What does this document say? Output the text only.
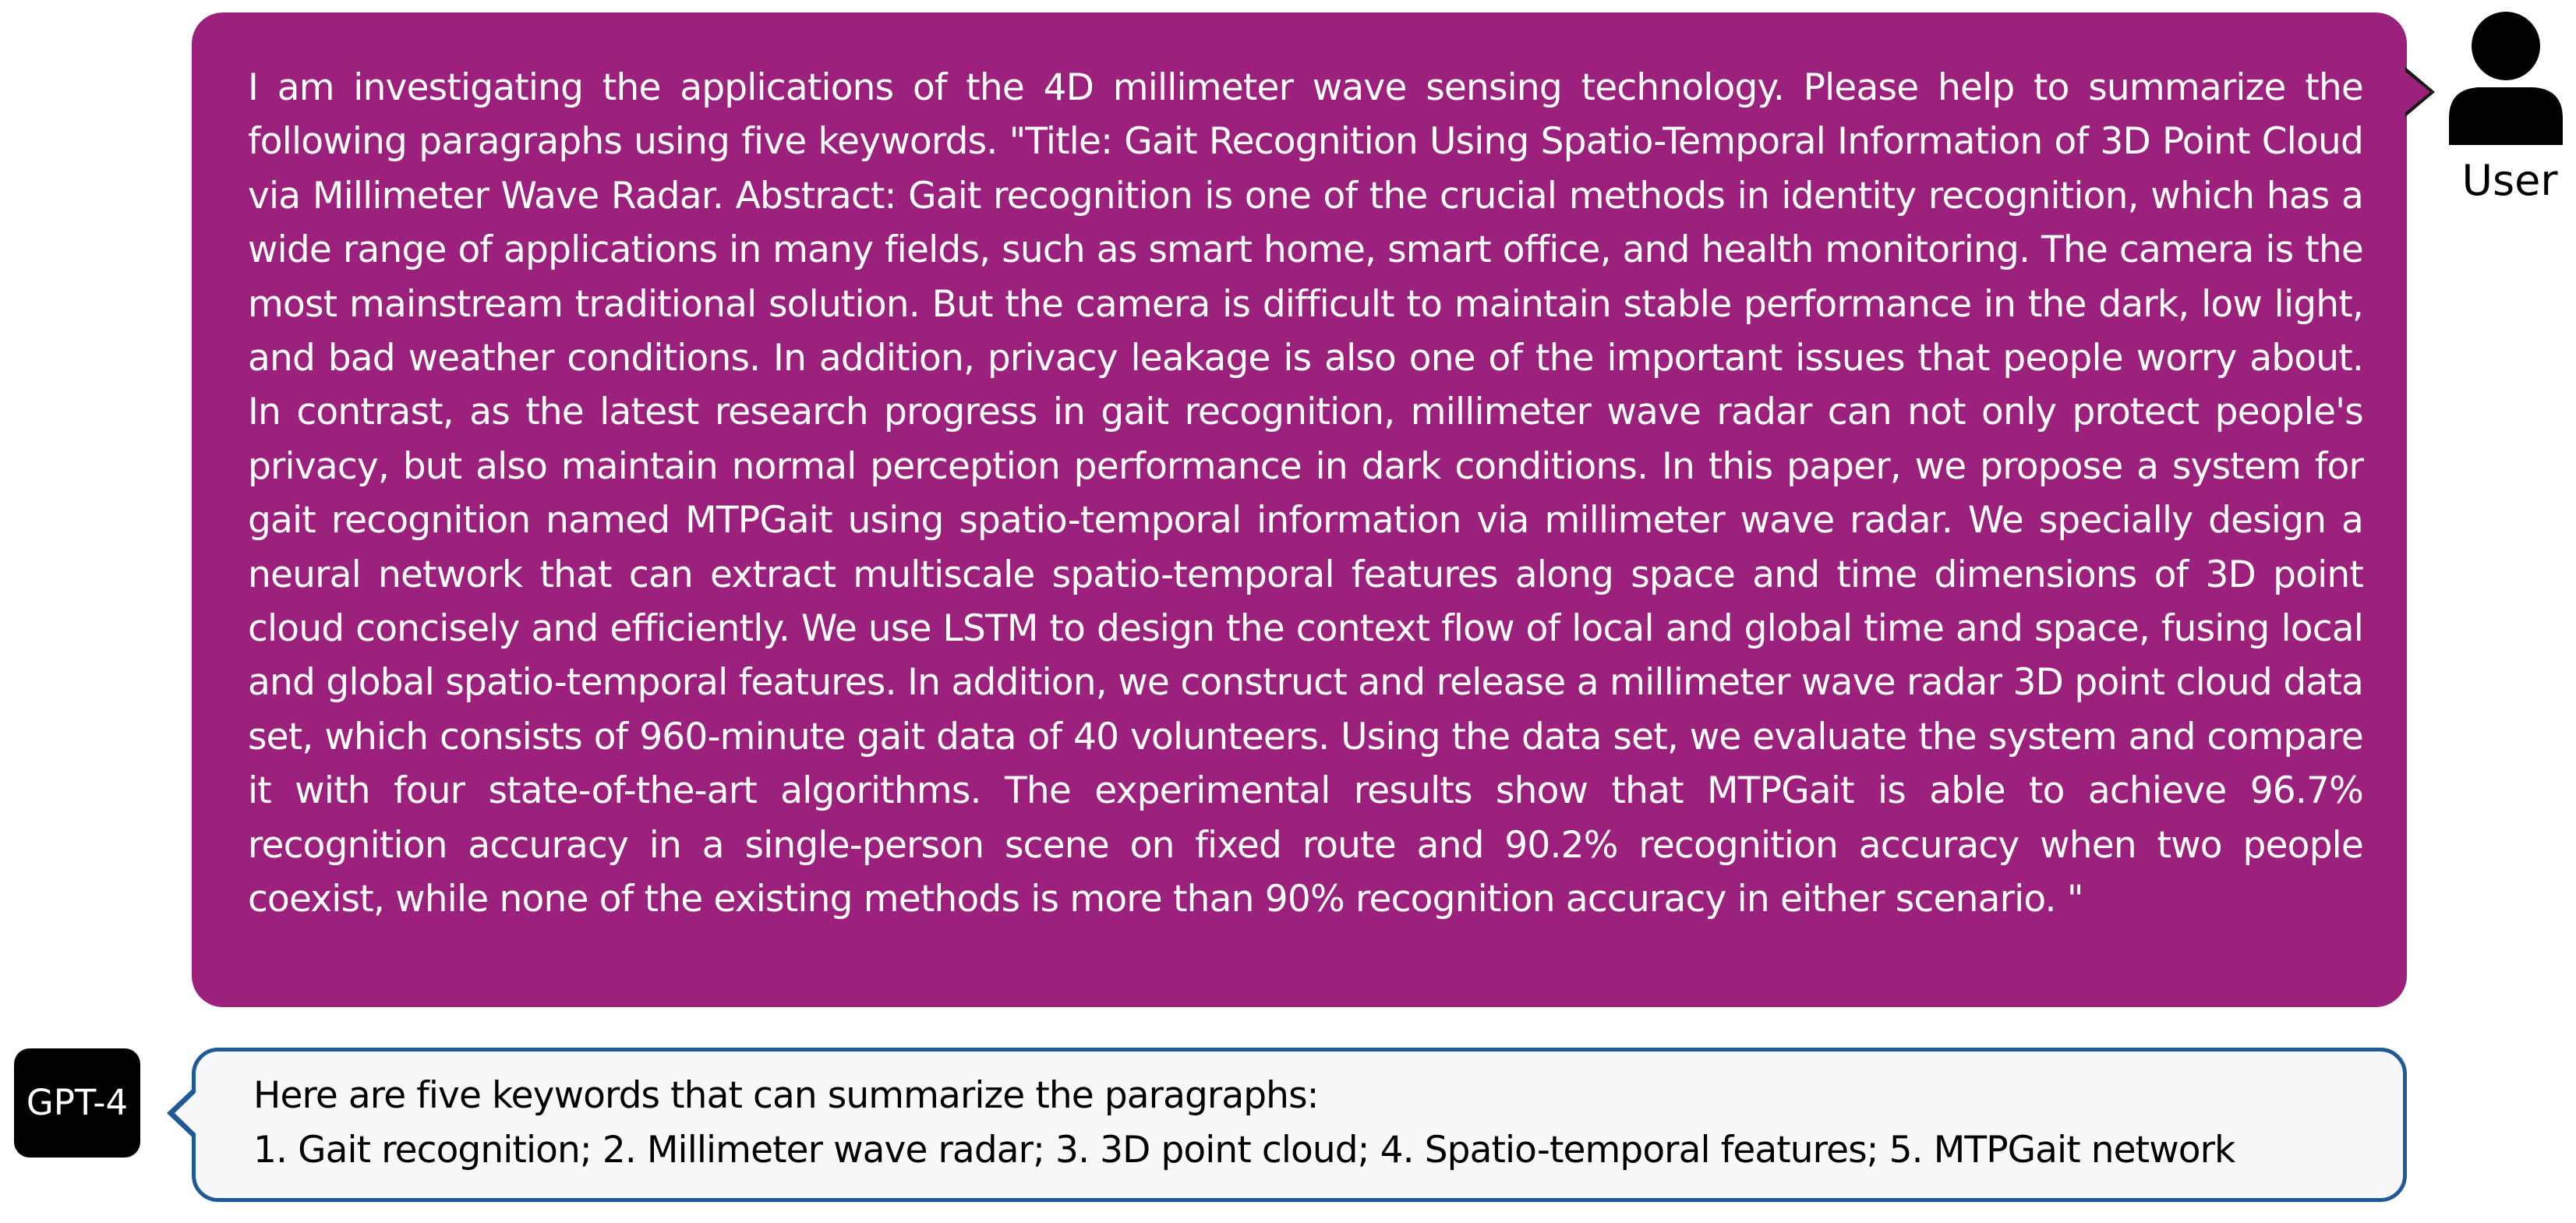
I am investigating the applications of the 4D millimeter wave sensing technology. Please help to summarize the following paragraphs using five keywords. "Title: Gait Recognition Using Spatio-Temporal Information of 3D Point Cloud via Millimeter Wave Radar. Abstract: Gait recognition is one of the crucial methods in identity recognition, which has a wide range of applications in many fields, such as smart home, smart office, and health monitoring. The camera is the most mainstream traditional solution. But the camera is difficult to maintain stable performance in the dark, low light, and bad weather conditions. In addition, privacy leakage is also one of the important issues that people worry about. In contrast, as the latest research progress in gait recognition, millimeter wave radar can not only protect people's privacy, but also maintain normal perception performance in dark conditions. In this paper, we propose a system for gait recognition named MTPGait using spatio-temporal information via millimeter wave radar. We specially design a neural network that can extract multiscale spatio-temporal features along space and time dimensions of 3D point cloud concisely and efficiently. We use LSTM to design the context flow of local and global time and space, fusing local and global spatio-temporal features. In addition, we construct and release a millimeter wave radar 3D point cloud data set, which consists of 960-minute gait data of 40 volunteers. Using the data set, we evaluate the system and compare it with four state-of-the-art algorithms. The experimental results show that MTPGait is able to achieve 96.7% recognition accuracy in a single-person scene on fixed route and 90.2% recognition accuracy when two people coexist, while none of the existing methods is more than 90% recognition accuracy in either scenario. "

User
GPT-4	Here are five keywords that can summarize the paragraphs:

1. Gait recognition; 2. Millimeter wave radar; 3. 3D point cloud; 4. Spatio-temporal features; 5. MTPGait network
